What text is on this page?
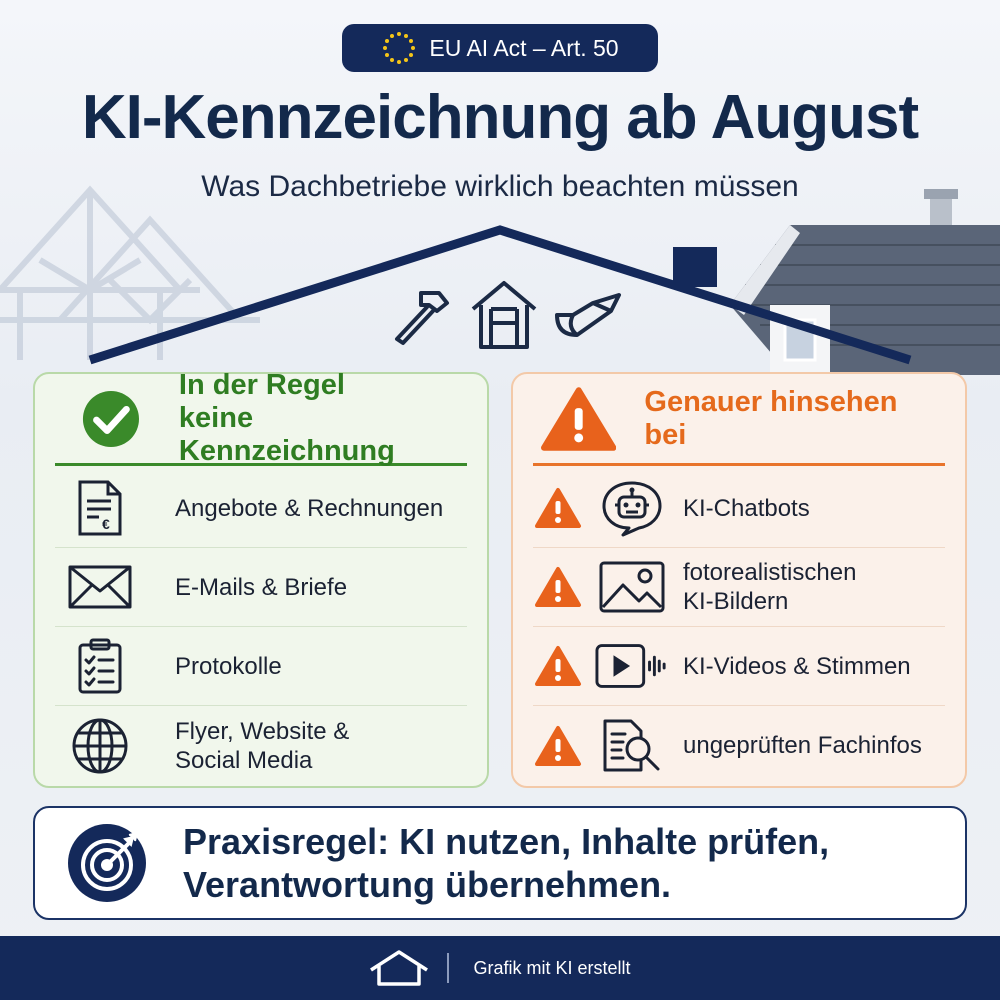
EU AI Act – Art. 50
KI-Kennzeichnung ab August
Was Dachbetriebe wirklich beachten müssen
In der Regel
keine Kennzeichnung
€
Angebote & Rechnungen
E-Mails & Briefe
Protokolle
Flyer, Website &
Social Media
Genauer hinsehen bei
KI-Chatbots
fotorealistischen
KI-Bildern
KI-Videos & Stimmen
ungeprüften Fachinfos
Praxisregel: KI nutzen, Inhalte prüfen,
Verantwortung übernehmen.
Grafik mit KI erstellt
